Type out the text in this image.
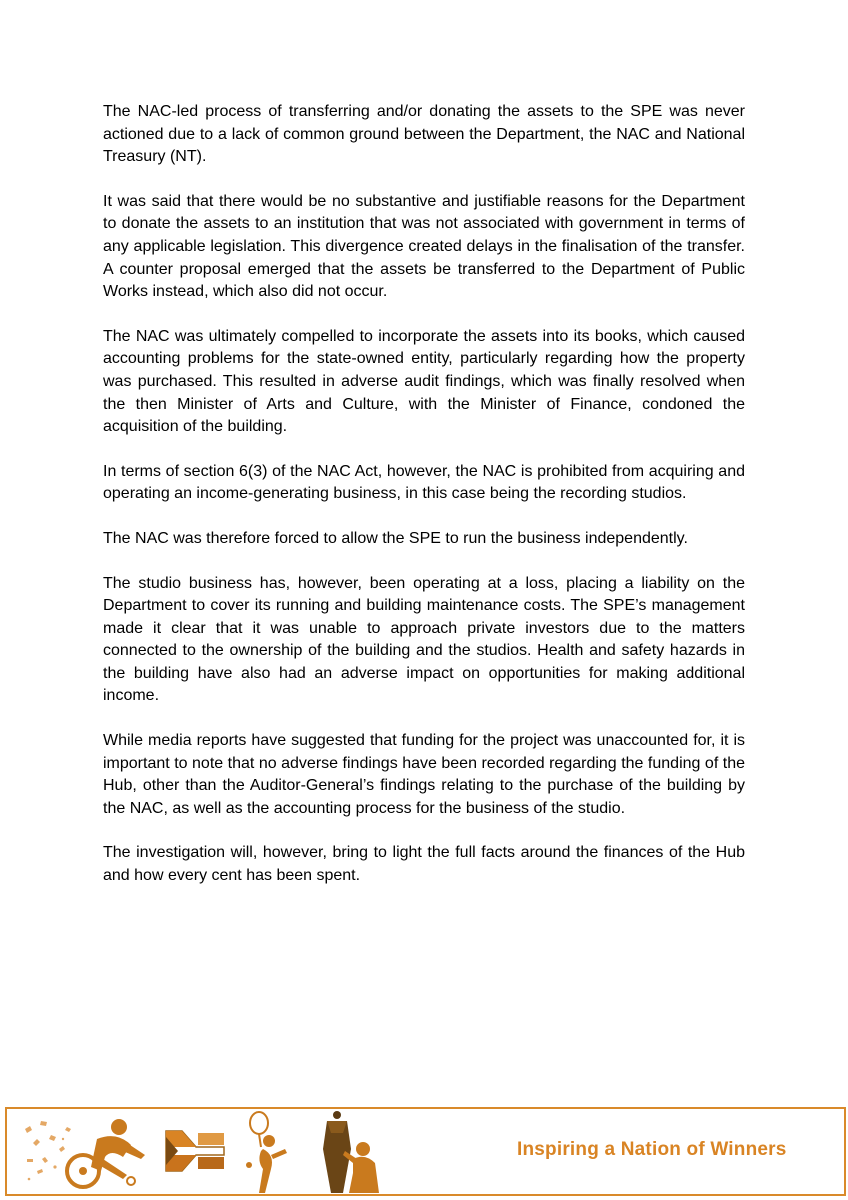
The NAC-led process of transferring and/or donating the assets to the SPE was never actioned due to a lack of common ground between the Department, the NAC and National Treasury (NT).

It was said that there would be no substantive and justifiable reasons for the Department to donate the assets to an institution that was not associated with government in terms of any applicable legislation. This divergence created delays in the finalisation of the transfer. A counter proposal emerged that the assets be transferred to the Department of Public Works instead, which also did not occur.

The NAC was ultimately compelled to incorporate the assets into its books, which caused accounting problems for the state-owned entity, particularly regarding how the property was purchased. This resulted in adverse audit findings, which was finally resolved when the then Minister of Arts and Culture, with the Minister of Finance, condoned the acquisition of the building.

In terms of section 6(3) of the NAC Act, however, the NAC is prohibited from acquiring and operating an income-generating business, in this case being the recording studios.

The NAC was therefore forced to allow the SPE to run the business independently.

The studio business has, however, been operating at a loss, placing a liability on the Department to cover its running and building maintenance costs. The SPE’s management made it clear that it was unable to approach private investors due to the matters connected to the ownership of the building and the studios. Health and safety hazards in the building have also had an adverse impact on opportunities for making additional income.

While media reports have suggested that funding for the project was unaccounted for, it is important to note that no adverse findings have been recorded regarding the funding of the Hub, other than the Auditor-General’s findings relating to the purchase of the building by the NAC, as well as the accounting process for the business of the studio.

The investigation will, however, bring to light the full facts around the finances of the Hub and how every cent has been spent.

Inspiring a Nation of Winners
